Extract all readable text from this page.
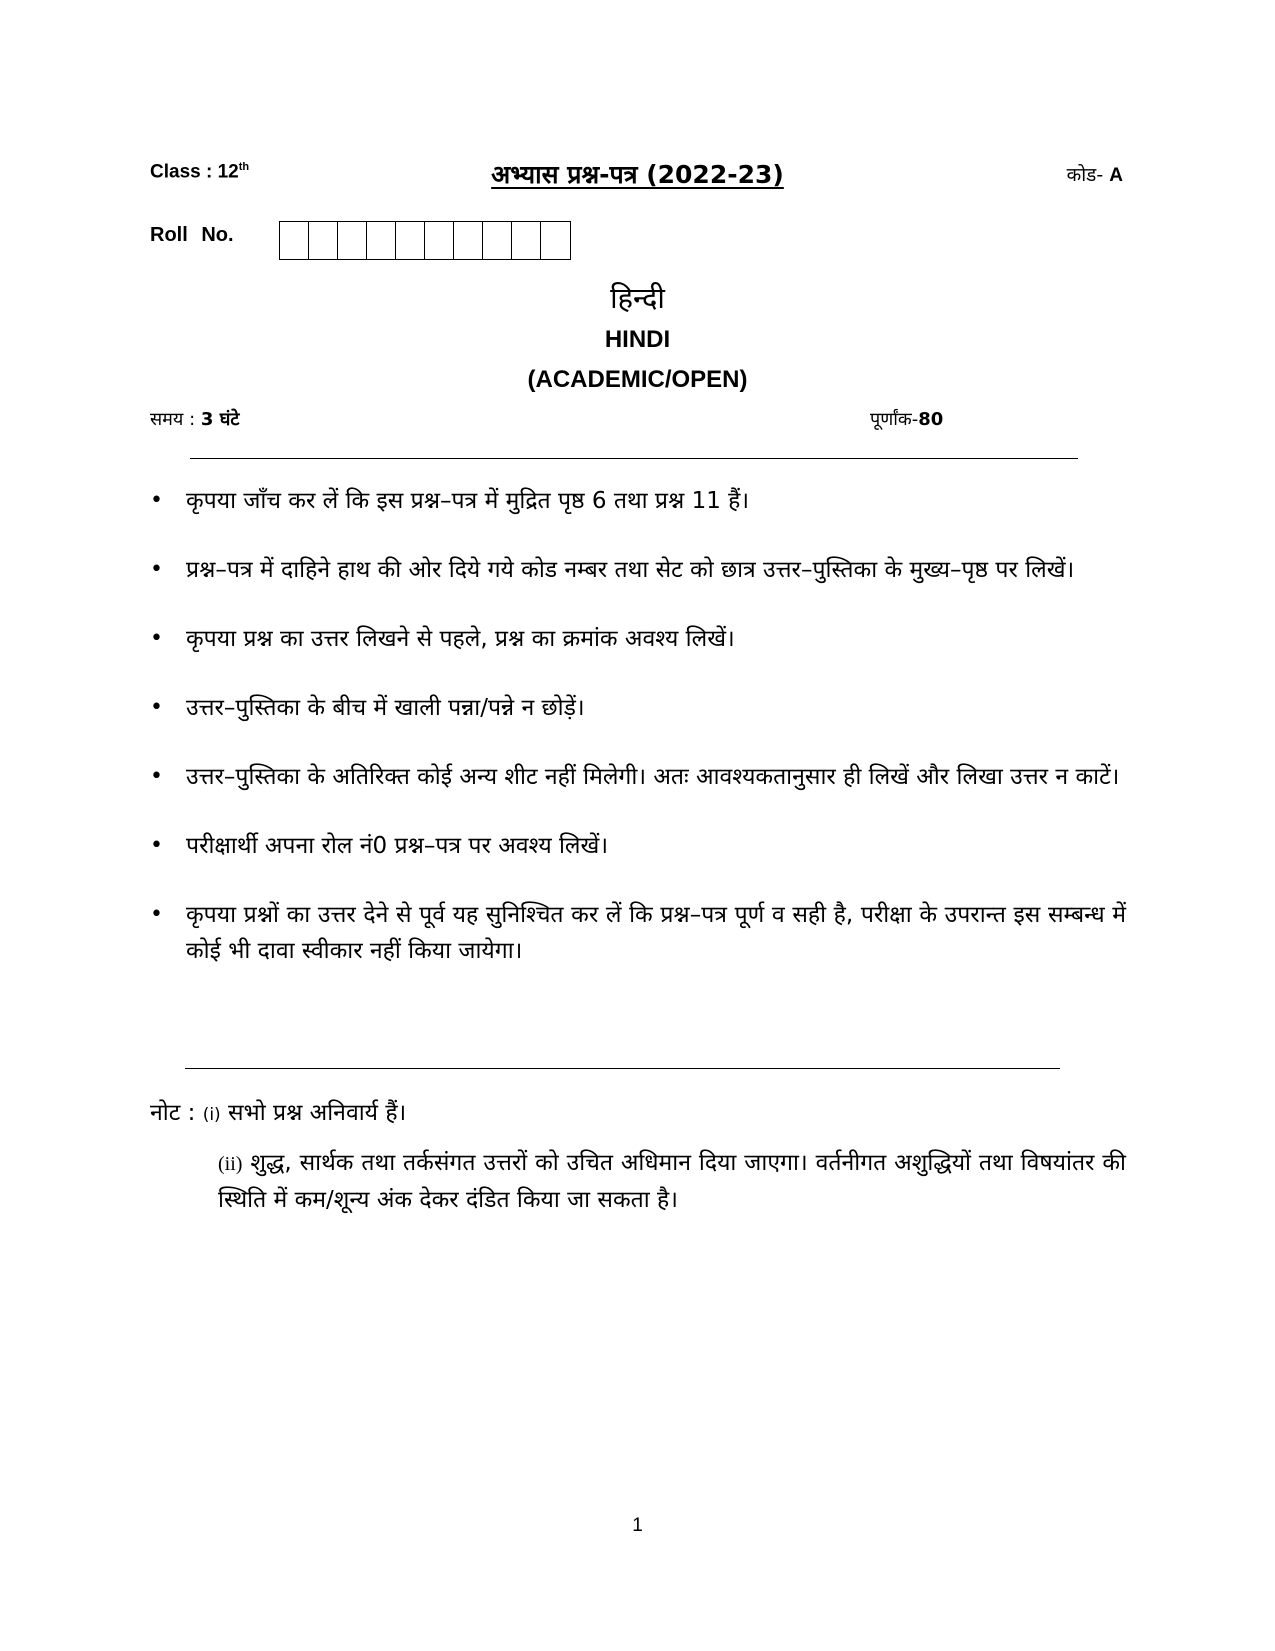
Class : 12th	अभ्यास प्रश्न-पत्र (2022-23)	कोड- A
Roll No.
हिन्दी
HINDI
(ACADEMIC/OPEN)
समय : 3 घंटे	पूर्णांक-80
• कृपया जाँच कर लें कि इस प्रश्न–पत्र में मुद्रित पृष्ठ 6 तथा प्रश्न 11 हैं।
• प्रश्न–पत्र में दाहिने हाथ की ओर दिये गये कोड नम्बर तथा सेट को छात्र उत्तर–पुस्तिका के मुख्य–पृष्ठ पर लिखें।
• कृपया प्रश्न का उत्तर लिखने से पहले, प्रश्न का क्रमांक अवश्य लिखें।
• उत्तर–पुस्तिका के बीच में खाली पन्ना/पन्ने न छोड़ें।
• उत्तर–पुस्तिका के अतिरिक्त कोई अन्य शीट नहीं मिलेगी। अतः आवश्यकतानुसार ही लिखें और लिखा उत्तर न काटें।
• परीक्षार्थी अपना रोल नं0 प्रश्न–पत्र पर अवश्य लिखें।
• कृपया प्रश्नों का उत्तर देने से पूर्व यह सुनिश्चित कर लें कि प्रश्न–पत्र पूर्ण व सही है, परीक्षा के उपरान्त इस सम्बन्ध में कोई भी दावा स्वीकार नहीं किया जायेगा।
नोट : (i) सभो प्रश्न अनिवार्य हैं।
(ii) शुद्ध, सार्थक तथा तर्कसंगत उत्तरों को उचित अधिमान दिया जाएगा। वर्तनीगत अशुद्धियों तथा विषयांतर की स्थिति में कम/शून्य अंक देकर दंडित किया जा सकता है।
1
